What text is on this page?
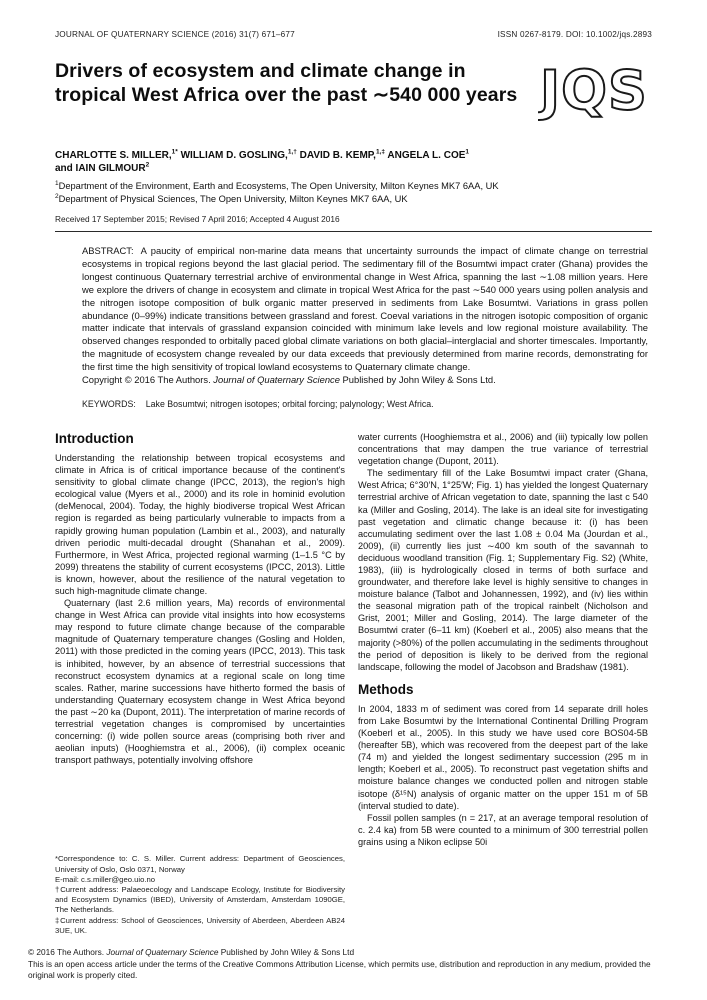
JOURNAL OF QUATERNARY SCIENCE (2016) 31(7) 671–677	ISSN 0267-8179. DOI: 10.1002/jqs.2893
Drivers of ecosystem and climate change in tropical West Africa over the past ∼540 000 years JQS
CHARLOTTE S. MILLER,$^{1*}$ WILLIAM D. GOSLING,$^{1,\dagger}$ DAVID B. KEMP,$^{1,\ddagger}$ ANGELA L. COE$^1$
and IAIN GILMOUR$^2$
$^1$Department of the Environment, Earth and Ecosystems, The Open University, Milton Keynes MK7 6AA, UK
$^2$Department of Physical Sciences, The Open University, Milton Keynes MK7 6AA, UK
Received 17 September 2015; Revised 7 April 2016; Accepted 4 August 2016
ABSTRACT: A paucity of empirical non-marine data means that uncertainty surrounds the impact of climate change on terrestrial ecosystems in tropical regions beyond the last glacial period. The sedimentary fill of the Bosumtwi impact crater (Ghana) provides the longest continuous Quaternary terrestrial archive of environmental change in West Africa, spanning the last ∼1.08 million years. Here we explore the drivers of change in ecosystem and climate in tropical West Africa for the past ∼540 000 years using pollen analysis and the nitrogen isotope composition of bulk organic matter preserved in sediments from Lake Bosumtwi. Variations in grass pollen abundance (0–99%) indicate transitions between grassland and forest. Coeval variations in the nitrogen isotopic composition of organic matter indicate that intervals of grassland expansion coincided with minimum lake levels and low regional moisture availability. The observed changes responded to orbitally paced global climate variations on both glacial–interglacial and shorter timescales. Importantly, the magnitude of ecosystem change revealed by our data exceeds that previously determined from marine records, demonstrating for the first time the high sensitivity of tropical lowland ecosystems to Quaternary climate change.
Copyright © 2016 The Authors. Journal of Quaternary Science Published by John Wiley & Sons Ltd.
KEYWORDS: Lake Bosumtwi; nitrogen isotopes; orbital forcing; palynology; West Africa.
Introduction

Understanding the relationship between tropical ecosystems and climate in Africa is of critical importance because of the continent's sensitivity to global climate change (IPCC, 2013), the region's high ecological value (Myers et al., 2000) and its role in hominid evolution (deMenocal, 2004). Today, the highly biodiverse tropical West African region is regarded as being particularly vulnerable to impacts from a rapidly growing human population (Lambin et al., 2003), and naturally driven periodic multi-decadal drought (Shanahan et al., 2009). Furthermore, in West Africa, projected regional warming (1–1.5 °C by 2099) threatens the stability of current ecosystems (IPCC, 2013). Little is known, however, about the resilience of the natural vegetation to such high-magnitude climate change.

Quaternary (last 2.6 million years, Ma) records of environmental change in West Africa can provide vital insights into how ecosystems may respond to future climate change because of the comparable magnitude of Quaternary temperature changes (Gosling and Holden, 2011) with those predicted in the coming years (IPCC, 2013). This task is inhibited, however, by an absence of terrestrial successions that reconstruct ecosystem dynamics at a regional scale on long time scales. Rather, marine successions have hitherto formed the basis of understanding Quaternary ecosystem change in West Africa beyond the past ∼20 ka (Dupont, 2011). The interpretation of marine records of terrestrial vegetation changes is compromised by uncertainties concerning: (i) wide pollen source areas (comprising both river and aeolian inputs) (Hooghiemstra et al., 2006), (ii) complex oceanic transport pathways, potentially involving offshore

*Correspondence to: C. S. Miller. Current address: Department of Geosciences, University of Oslo, Oslo 0371, Norway
E-mail: c.s.miller@geo.uio.no
†Current address: Palaeoecology and Landscape Ecology, Institute for Biodiversity and Ecosystem Dynamics (IBED), University of Amsterdam, Amsterdam 1090GE, The Netherlands.
‡Current address: School of Geosciences, University of Aberdeen, Aberdeen AB24 3UE, UK.

water currents (Hooghiemstra et al., 2006) and (iii) typically low pollen concentrations that may dampen the true variance of terrestrial vegetation change (Dupont, 2011).

The sedimentary fill of the Lake Bosumtwi impact crater (Ghana, West Africa; 6°30′N, 1°25′W; Fig. 1) has yielded the longest Quaternary terrestrial archive of African vegetation to date, spanning the last c 540 ka (Miller and Gosling, 2014). The lake is an ideal site for investigating past vegetation and climatic change because it: (i) has been accumulating sediment over the last 1.08 ± 0.04 Ma (Jourdan et al., 2009), (ii) currently lies just ∼400 km south of the savannah to deciduous woodland transition (Fig. 1; Supplementary Fig. S2) (White, 1983), (iii) is hydrologically closed in terms of both surface and groundwater, and therefore lake level is highly sensitive to changes in moisture balance (Talbot and Johannessen, 1992), and (iv) lies within the seasonal migration path of the tropical rainbelt (Nicholson and Grist, 2001; Miller and Gosling, 2014). The large diameter of the Bosumtwi crater (6–11 km) (Koeberl et al., 2005) also means that the majority (>80%) of the pollen accumulating in the sediments throughout the period of deposition is likely to be derived from the regional landscape, following the model of Jacobson and Bradshaw (1981).

Methods

In 2004, 1833 m of sediment was cored from 14 separate drill holes from Lake Bosumtwi by the International Continental Drilling Program (Koeberl et al., 2005). In this study we have used core BOS04-5B (hereafter 5B), which was recovered from the deepest part of the lake (74 m) and yielded the longest sedimentary succession (295 m in length; Koeberl et al., 2005). To reconstruct past vegetation shifts and moisture balance changes we conducted pollen and nitrogen stable isotope (δ¹⁵N) analysis of organic matter on the upper 151 m of 5B (interval studied to date).

Fossil pollen samples (n = 217, at an average temporal resolution of c. 2.4 ka) from 5B were counted to a minimum of 300 terrestrial pollen grains using a Nikon eclipse 50i

© 2016 The Authors. Journal of Quaternary Science Published by John Wiley & Sons Ltd
This is an open access article under the terms of the Creative Commons Attribution License, which permits use, distribution and reproduction in any medium, provided the original work is properly cited.
